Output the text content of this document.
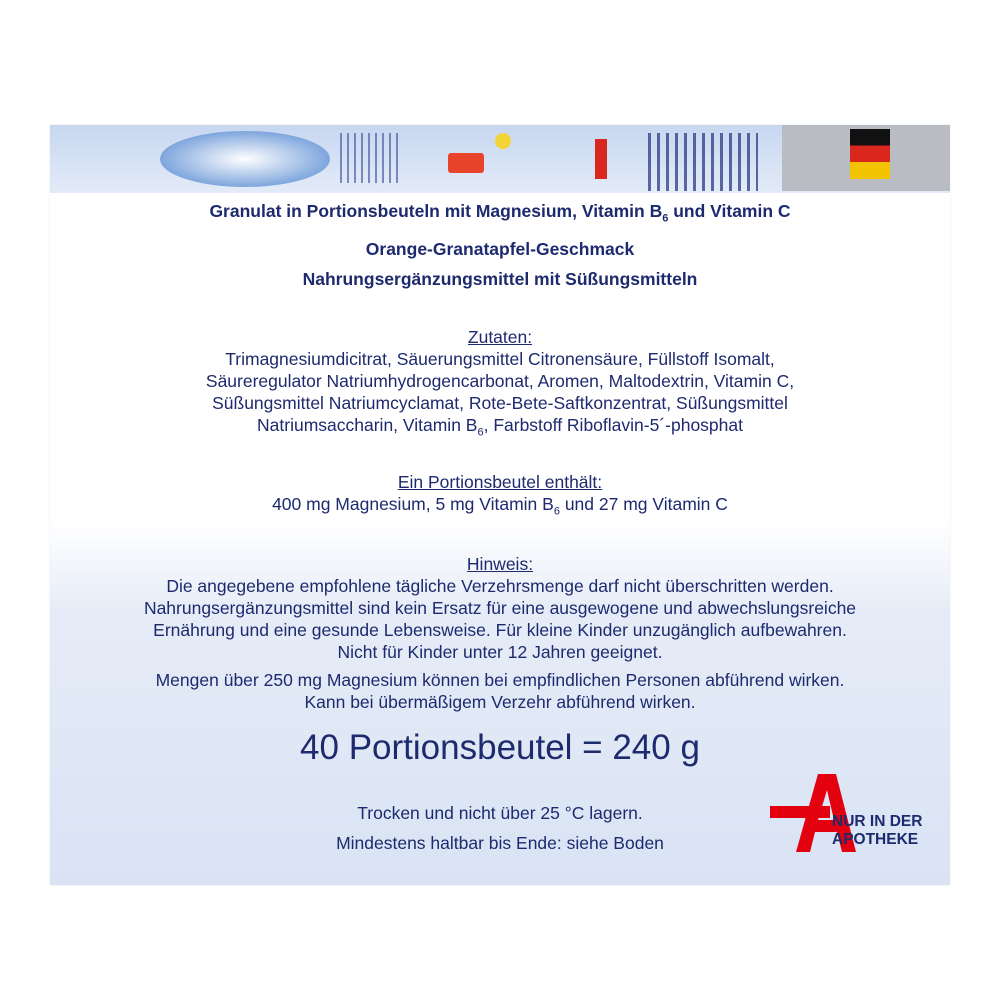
Granulat in Portionsbeuteln mit Magnesium, Vitamin $B_6$ und Vitamin C
Orange-Granatapfel-Geschmack
Nahrungsergänzungsmittel mit Süßungsmitteln
Zutaten:
Trimagnesiumdicitrat, Säuerungsmittel Citronensäure, Füllstoff Isomalt,
Säureregulator Natriumhydrogencarbonat, Aromen, Maltodextrin, Vitamin C,
Süßungsmittel Natriumcyclamat, Rote-Bete-Saftkonzentrat, Süßungsmittel
Natriumsaccharin, Vitamin $B_6$, Farbstoff Riboflavin-5´-phosphat
Ein Portionsbeutel enthält:
400 mg Magnesium, 5 mg Vitamin $B_6$ und 27 mg Vitamin C
Hinweis:
Die angegebene empfohlene tägliche Verzehrsmenge darf nicht überschritten werden.
Nahrungsergänzungsmittel sind kein Ersatz für eine ausgewogene und abwechslungsreiche
Ernährung und eine gesunde Lebensweise. Für kleine Kinder unzugänglich aufbewahren.
Nicht für Kinder unter 12 Jahren geeignet.
Mengen über 250 mg Magnesium können bei empfindlichen Personen abführend wirken.
Kann bei übermäßigem Verzehr abführend wirken.
40 Portionsbeutel = 240 g
Trocken und nicht über 25 °C lagern.
Mindestens haltbar bis Ende: siehe Boden
NUR IN DER
APOTHEKE
